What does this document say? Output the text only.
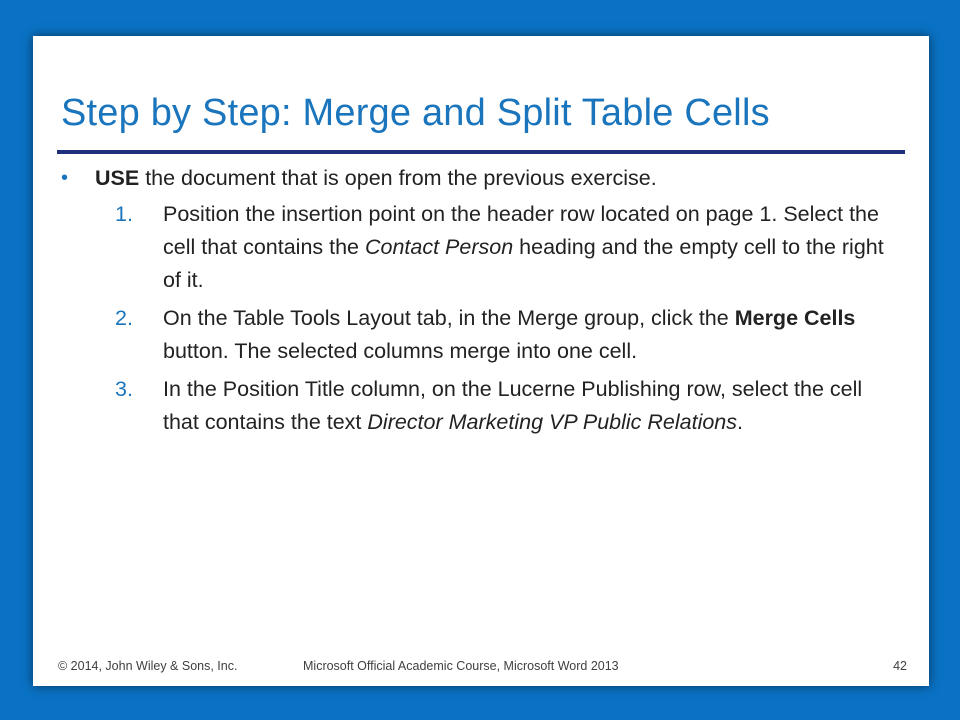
Step by Step: Merge and Split Table Cells

• USE the document that is open from the previous exercise.

1. Position the insertion point on the header row located on page 1. Select the cell that contains the Contact Person heading and the empty cell to the right of it.

2. On the Table Tools Layout tab, in the Merge group, click the Merge Cells button. The selected columns merge into one cell.

3. In the Position Title column, on the Lucerne Publishing row, select the cell that contains the text Director Marketing VP Public Relations.

© 2014, John Wiley & Sons, Inc.	Microsoft Official Academic Course, Microsoft Word 2013	42
